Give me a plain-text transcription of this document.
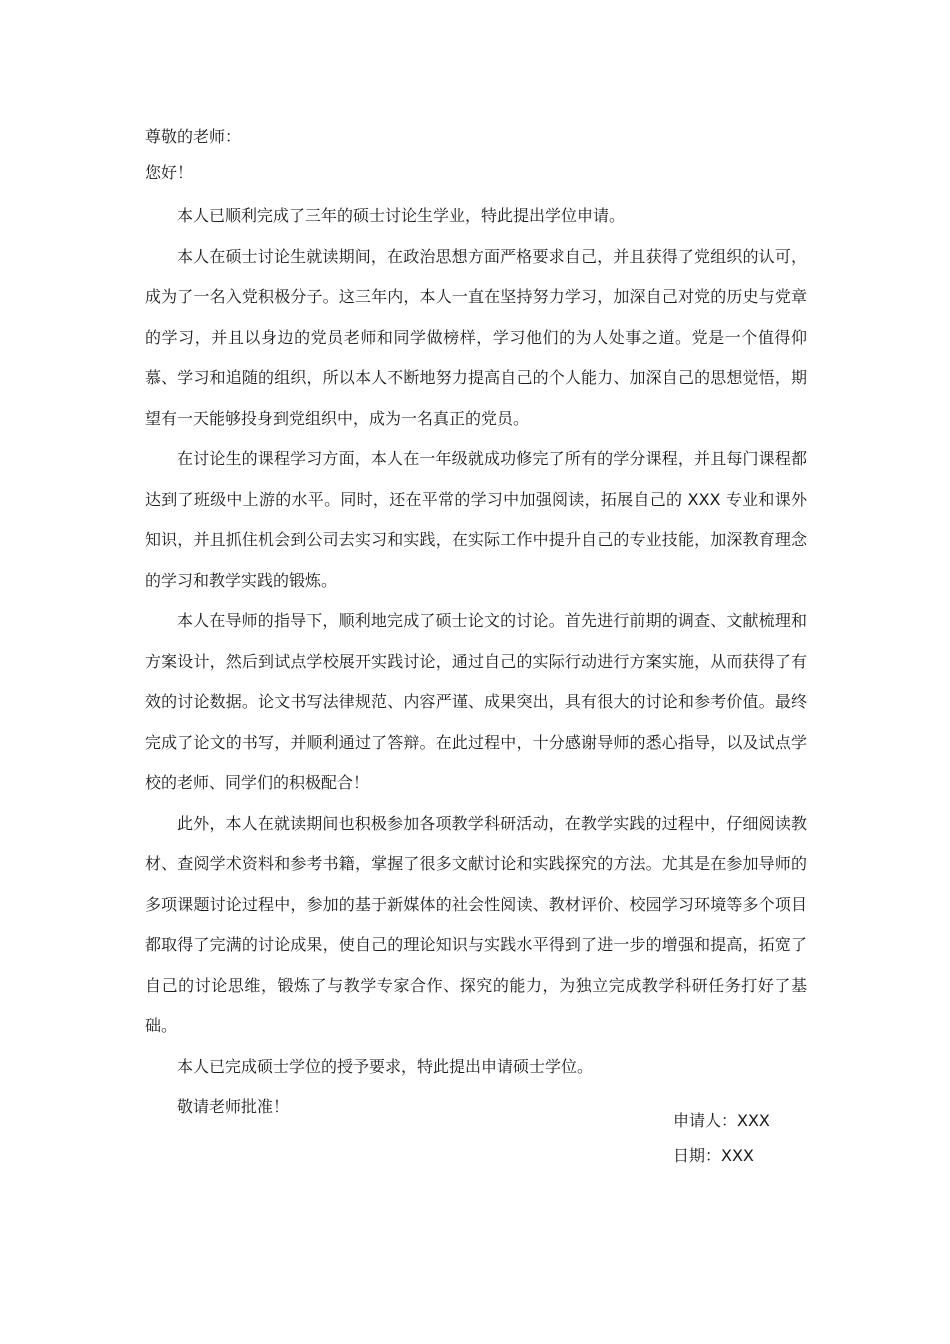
尊敬的老师：

您好！

本人已顺利完成了三年的硕士讨论生学业，特此提出学位申请。

本人在硕士讨论生就读期间，在政治思想方面严格要求自己，并且获得了党组织的认可，成为了一名入党积极分子。这三年内，本人一直在坚持努力学习，加深自己对党的历史与党章的学习，并且以身边的党员老师和同学做榜样，学习他们的为人处事之道。党是一个值得仰慕、学习和追随的组织，所以本人不断地努力提高自己的个人能力、加深自己的思想觉悟，期望有一天能够投身到党组织中，成为一名真正的党员。

在讨论生的课程学习方面，本人在一年级就成功修完了所有的学分课程，并且每门课程都达到了班级中上游的水平。同时，还在平常的学习中加强阅读，拓展自己的 XXX 专业和课外知识，并且抓住机会到公司去实习和实践，在实际工作中提升自己的专业技能，加深教育理念的学习和教学实践的锻炼。

本人在导师的指导下，顺利地完成了硕士论文的讨论。首先进行前期的调查、文献梳理和方案设计，然后到试点学校展开实践讨论，通过自己的实际行动进行方案实施，从而获得了有效的讨论数据。论文书写法律规范、内容严谨、成果突出，具有很大的讨论和参考价值。最终完成了论文的书写，并顺利通过了答辩。在此过程中，十分感谢导师的悉心指导，以及试点学校的老师、同学们的积极配合！

此外，本人在就读期间也积极参加各项教学科研活动，在教学实践的过程中，仔细阅读教材、查阅学术资料和参考书籍，掌握了很多文献讨论和实践探究的方法。尤其是在参加导师的多项课题讨论过程中，参加的基于新媒体的社会性阅读、教材评价、校园学习环境等多个项目都取得了完满的讨论成果，使自己的理论知识与实践水平得到了进一步的增强和提高，拓宽了自己的讨论思维，锻炼了与教学专家合作、探究的能力，为独立完成教学科研任务打好了基础。

本人已完成硕士学位的授予要求，特此提出申请硕士学位。

敬请老师批准！

申请人：XXX
日期：XXX
